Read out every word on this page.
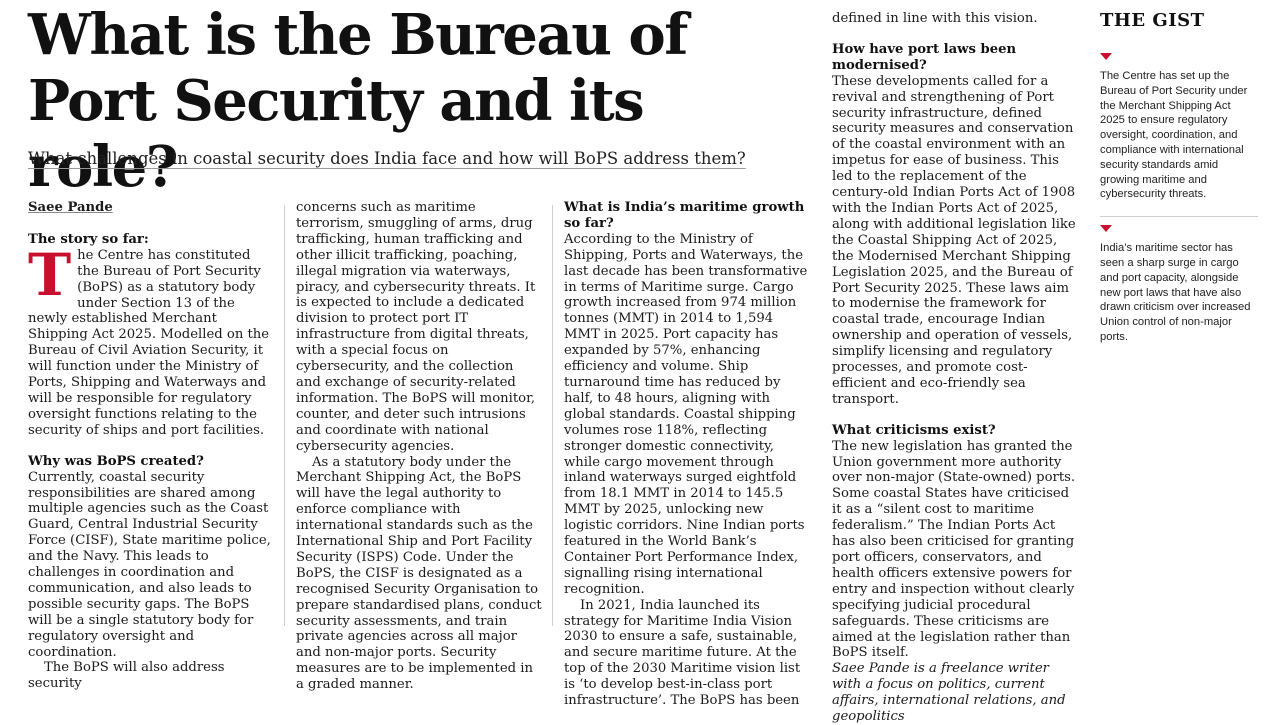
What is the Bureau of Port Security and its role?
What challenges in coastal security does India face and how will BoPS address them?

Saee Pande

The story so far:

The Centre has constituted the Bureau of Port Security (BoPS) as a statutory body under Section 13 of the newly established Merchant Shipping Act 2025. Modelled on the Bureau of Civil Aviation Security, it will function under the Ministry of Ports, Shipping and Waterways and will be responsible for regulatory oversight functions relating to the security of ships and port facilities.

Why was BoPS created?

Currently, coastal security responsibilities are shared among multiple agencies such as the Coast Guard, Central Industrial Security Force (CISF), State maritime police, and the Navy. This leads to challenges in coordination and communication, and also leads to possible security gaps. The BoPS will be a single statutory body for regulatory oversight and coordination.

The BoPS will also address security

concerns such as maritime terrorism, smuggling of arms, drug trafficking, human trafficking and other illicit trafficking, poaching, illegal migration via waterways, piracy, and cybersecurity threats. It is expected to include a dedicated division to protect port IT infrastructure from digital threats, with a special focus on cybersecurity, and the collection and exchange of security-related information. The BoPS will monitor, counter, and deter such intrusions and coordinate with national cybersecurity agencies.

As a statutory body under the Merchant Shipping Act, the BoPS will have the legal authority to enforce compliance with international standards such as the International Ship and Port Facility Security (ISPS) Code. Under the BoPS, the CISF is designated as a recognised Security Organisation to prepare standardised plans, conduct security assessments, and train private agencies across all major and non-major ports. Security measures are to be implemented in a graded manner.

What is India’s maritime growth so far?

According to the Ministry of Shipping, Ports and Waterways, the last decade has been transformative in terms of Maritime surge. Cargo growth increased from 974 million tonnes (MMT) in 2014 to 1,594 MMT in 2025. Port capacity has expanded by 57%, enhancing efficiency and volume. Ship turnaround time has reduced by half, to 48 hours, aligning with global standards. Coastal shipping volumes rose 118%, reflecting stronger domestic connectivity, while cargo movement through inland waterways surged eightfold from 18.1 MMT in 2014 to 145.5 MMT by 2025, unlocking new logistic corridors. Nine Indian ports featured in the World Bank’s Container Port Performance Index, signalling rising international recognition.

In 2021, India launched its strategy for Maritime India Vision 2030 to ensure a safe, sustainable, and secure maritime future. At the top of the 2030 Maritime vision list is ‘to develop best-in-class port infrastructure’. The BoPS has been

defined in line with this vision.

How have port laws been modernised?

These developments called for a revival and strengthening of Port security infrastructure, defined security measures and conservation of the coastal environment with an impetus for ease of business. This led to the replacement of the century-old Indian Ports Act of 1908 with the Indian Ports Act of 2025, along with additional legislation like the Coastal Shipping Act of 2025, the Modernised Merchant Shipping Legislation 2025, and the Bureau of Port Security 2025. These laws aim to modernise the framework for coastal trade, encourage Indian ownership and operation of vessels, simplify licensing and regulatory processes, and promote cost-efficient and eco-friendly sea transport.

What criticisms exist?

The new legislation has granted the Union government more authority over non-major (State-owned) ports. Some coastal States have criticised it as a “silent cost to maritime federalism.” The Indian Ports Act has also been criticised for granting port officers, conservators, and health officers extensive powers for entry and inspection without clearly specifying judicial procedural safeguards. These criticisms are aimed at the legislation rather than BoPS itself.

Saee Pande is a freelance writer with a focus on politics, current affairs, international relations, and geopolitics

THE GIST
The Centre has set up the Bureau of Port Security under the Merchant Shipping Act 2025 to ensure regulatory oversight, coordination, and compliance with international security standards amid growing maritime and cybersecurity threats.
India’s maritime sector has seen a sharp surge in cargo and port capacity, alongside new port laws that have also drawn criticism over increased Union control of non-major ports.
